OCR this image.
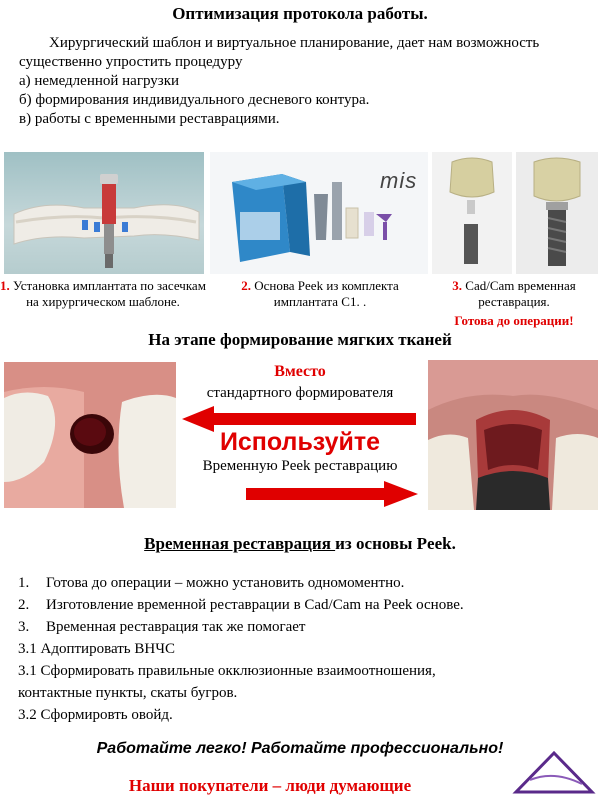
Оптимизация протокола работы.
Хирургический шаблон и виртуальное планирование, дает нам возможность существенно упростить процедуру
а) немедленной нагрузки
б) формирования индивидуального десневого контура.
в) работы с временными реставрациями.
mis
1. Установка имплантата по засечкам на хирургическом шаблоне.
2. Основа Peek из комплекта имплантата С1. .
3. Cad/Cam временная реставрация.
Готова до операции!
На этапе формирование мягких тканей
Вместо
стандартного формирователя
Используйте
Временную Peek реставрацию
Временная реставрация из основы Peek.
1. Готова до операции – можно установить одномоментно.
2. Изготовление временной реставрации в Cad/Cam на Peek основе.
3. Временная реставрация так же помогает
3.1 Адоптировать ВНЧС
3.1 Сформировать правильные окклюзионные взаимоотношения,
контактные пункты, скаты бугров.
3.2 Сформировть овойд.
Работайте легко! Работайте профессионально!
Наши покупатели – люди думающие
